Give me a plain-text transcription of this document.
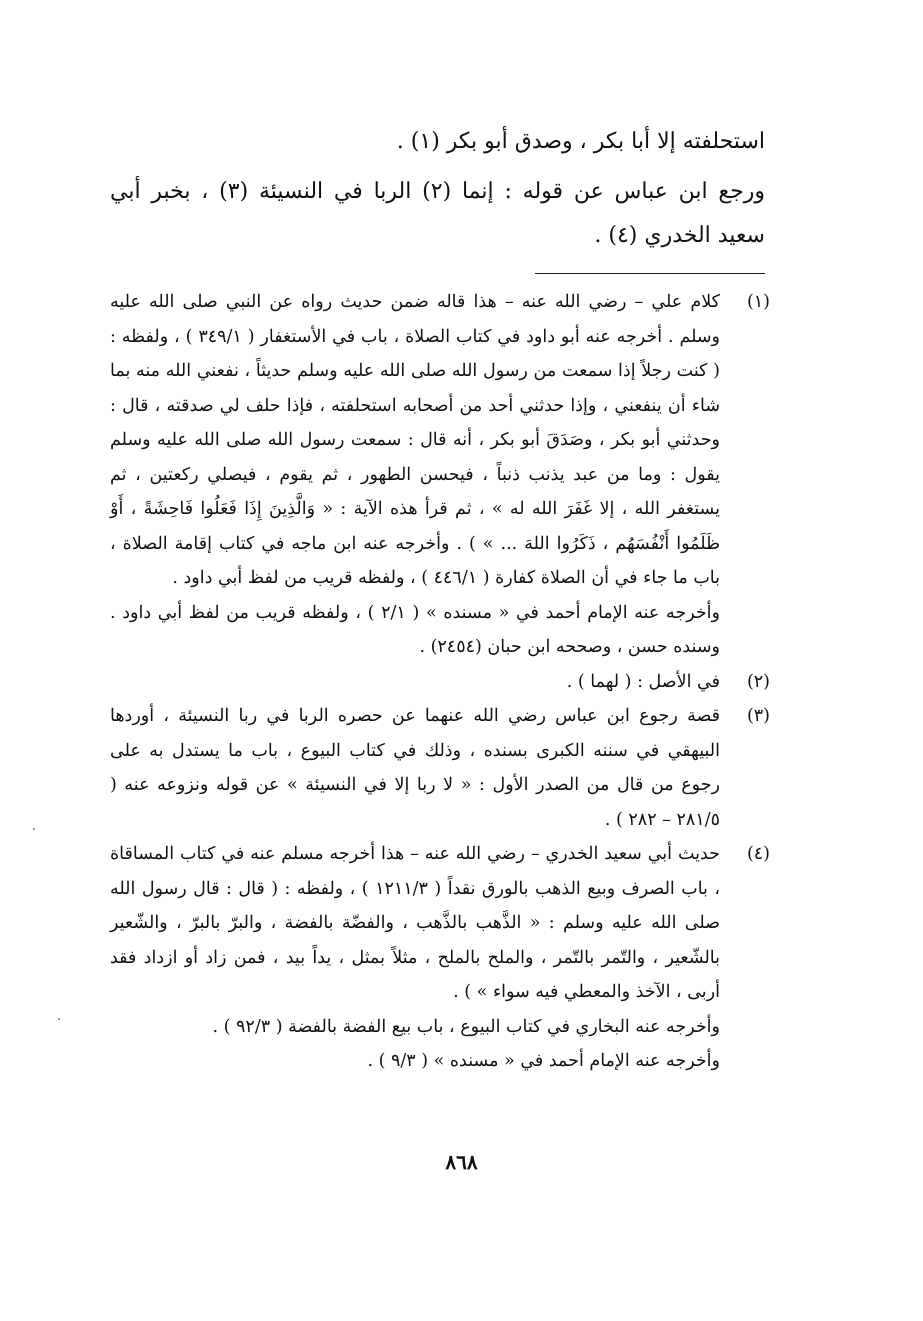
استحلفته إلا أبا بكر ، وصدق أبو بكر (١) .

ورجع ابن عباس عن قوله : إنما (٢) الربا في النسيئة (٣) ، بخبر أبي سعيد الخدري (٤) .

(١)

كلام علي – رضي الله عنه – هذا قاله ضمن حديث رواه عن النبي صلى الله عليه وسلم . أخرجه عنه أبو داود في كتاب الصلاة ، باب في الأستغفار ( ٣٤٩/١ ) ، ولفظه : ( كنت رجلاً إذا سمعت من رسول الله صلى الله عليه وسلم حديثاً ، نفعني الله منه بما شاء أن ينفعني ، وإذا حدثني أحد من أصحابه استحلفته ، فإذا حلف لي صدقته ، قال : وحدثني أبو بكر ، وصَدَقَ أبو بكر ، أنه قال : سمعت رسول الله صلى الله عليه وسلم يقول : وما من عبد يذنب ذنباً ، فيحسن الطهور ، ثم يقوم ، فيصلي ركعتين ، ثم يستغفر الله ، إلا غَفَرَ الله له » ، ثم قرأ هذه الآية : « وَالَّذِينَ إِذَا فَعَلُوا فَاحِشَةً ، أَوْ ظَلَمُوا أَنْفُسَهُم ، ذَكَرُوا اللهَ ... » ) . وأخرجه عنه ابن ماجه في كتاب إقامة الصلاة ، باب ما جاء في أن الصلاة كفارة ( ٤٤٦/١ ) ، ولفظه قريب من لفظ أبي داود .

وأخرجه عنه الإمام أحمد في « مسنده » ( ٢/١ ) ، ولفظه قريب من لفظ أبي داود . وسنده حسن ، وصححه ابن حبان (٢٤٥٤) .

(٢)

في الأصل : ( لهما ) .

(٣)

قصة رجوع ابن عباس رضي الله عنهما عن حصره الربا في ربا النسيئة ، أوردها البيهقي في سننه الكبرى بسنده ، وذلك في كتاب البيوع ، باب ما يستدل به على رجوع من قال من الصدر الأول : « لا ربا إلا في النسيئة » عن قوله ونزوعه عنه ( ٢٨١/٥ – ٢٨٢ ) .

(٤)

حديث أبي سعيد الخدري – رضي الله عنه – هذا أخرجه مسلم عنه في كتاب المساقاة ، باب الصرف وبيع الذهب بالورق نقداً ( ١٢١١/٣ ) ، ولفظه : ( قال : قال رسول الله صلى الله عليه وسلم : « الذَّهب بالذَّهب ، والفضّة بالفضة ، والبرّ بالبرّ ، والشّعير بالشّعير ، والتّمر بالتّمر ، والملح بالملح ، مثلاً بمثل ، يداً بيد ، فمن زاد أو ازداد فقد أربى ، الآخذ والمعطي فيه سواء » ) .

وأخرجه عنه البخاري في كتاب البيوع ، باب بيع الفضة بالفضة ( ٩٢/٣ ) .

وأخرجه عنه الإمام أحمد في « مسنده » ( ٩/٣ ) .

٨٦٨
